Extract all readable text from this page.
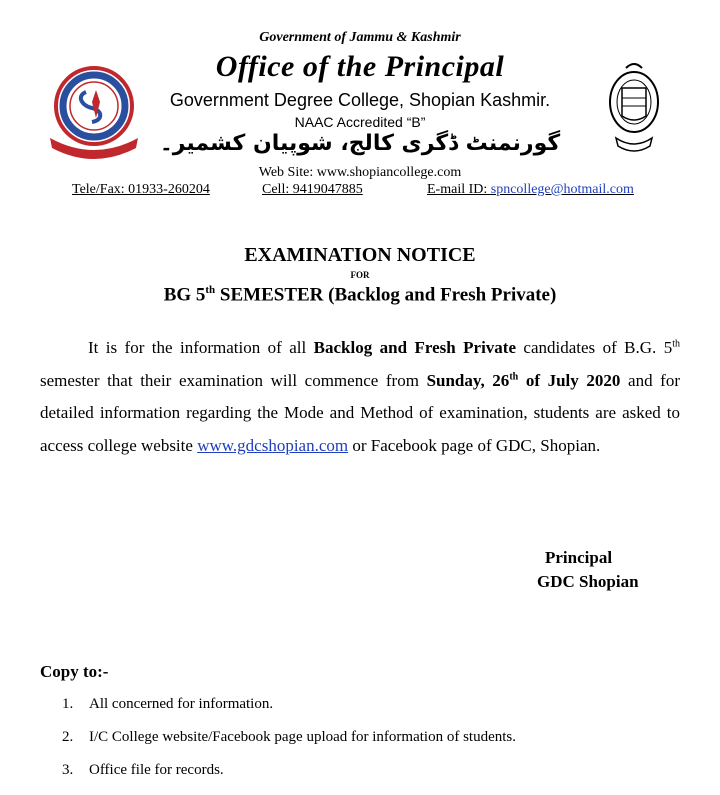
Government of Jammu & Kashmir
Office of the Principal
Government Degree College, Shopian Kashmir.
NAAC Accredited “B”
گورنمنٹ ڈگری کالج، شوپیان کشمیر۔
Web Site: www.shopiancollege.com
Tele/Fax: 01933-260204	Cell: 9419047885	E-mail ID: spncollege@hotmail.com
EXAMINATION NOTICE
FOR
BG 5th SEMESTER (Backlog and Fresh Private)
It is for the information of all Backlog and Fresh Private candidates of B.G. 5th semester that their examination will commence from Sunday, 26th of July 2020 and for detailed information regarding the Mode and Method of examination, students are asked to access college website www.gdcshopian.com or Facebook page of GDC, Shopian.
Principal
GDC Shopian
Copy to:-
1. All concerned for information.
2. I/C College website/Facebook page upload for information of students.
3. Office file for records.
